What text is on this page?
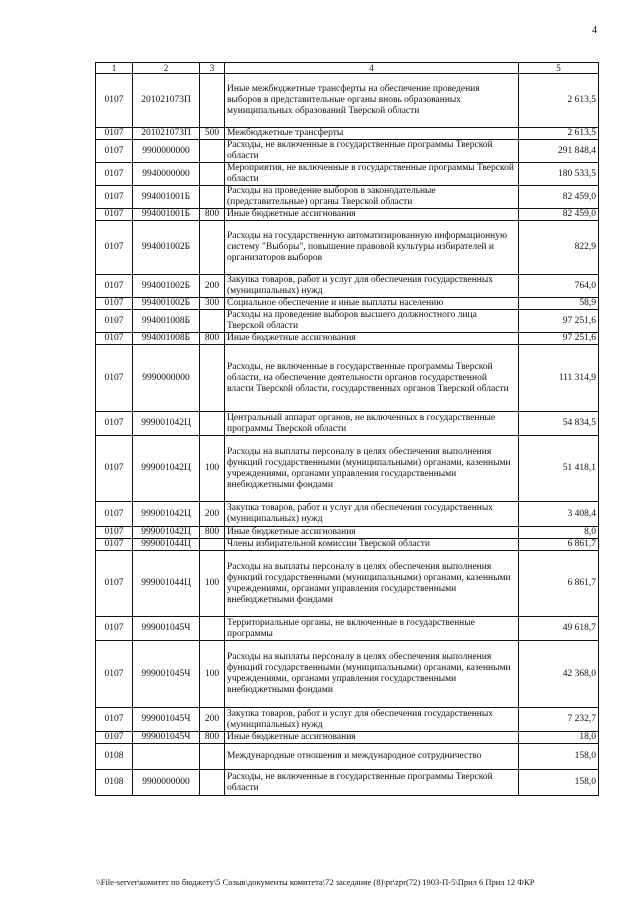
4
1	2	3	4	5
0107	201021073П		Иные межбюджетные трансферты на обеспечение проведения выборов в представительные органы вновь образованных муниципальных образований Тверской области	2 613,5
0107	201021073П	500	Межбюджетные трансферты	2 613,5
0107	9900000000		Расходы, не включенные в государственные программы Тверской области	291 848,4
0107	9940000000		Мероприятия, не включенные в государственные программы Тверской области	180 533,5
0107	994001001Б		Расходы на проведение выборов в законодательные (представительные) органы Тверской области	82 459,0
0107	994001001Б	800	Иные бюджетные ассигнования	82 459,0
0107	994001002Б		Расходы на государственную автоматизированную информационную систему "Выборы", повышение правовой культуры избирателей и организаторов выборов	822,9
0107	994001002Б	200	Закупка товаров, работ и услуг для обеспечения государственных (муниципальных) нужд	764,0
0107	994001002Б	300	Социальное обеспечение и иные выплаты населению	58,9
0107	994001008Б		Расходы на проведение выборов высшего должностного лица Тверской области	97 251,6
0107	994001008Б	800	Иные бюджетные ассигнования	97 251,6
0107	9990000000		Расходы, не включенные в государственные программы Тверской области, на обеспечение деятельности органов государственной власти Тверской области, государственных органов Тверской области	111 314,9
0107	999001042Ц		Центральный аппарат органов, не включенных в государственные программы Тверской области	54 834,5
0107	999001042Ц	100	Расходы на выплаты персоналу в целях обеспечения выполнения функций государственными (муниципальными) органами, казенными учреждениями, органами управления государственными внебюджетными фондами	51 418,1
0107	999001042Ц	200	Закупка товаров, работ и услуг для обеспечения государственных (муниципальных) нужд	3 408,4
0107	999001042Ц	800	Иные бюджетные ассигнования	8,0
0107	999001044Ц		Члены избирательной комиссии Тверской области	6 861,7
0107	999001044Ц	100	Расходы на выплаты персоналу в целях обеспечения выполнения функций государственными (муниципальными) органами, казенными учреждениями, органами управления государственными внебюджетными фондами	6 861,7
0107	999001045Ч		Территориальные органы, не включенные в государственные программы	49 618,7
0107	999001045Ч	100	Расходы на выплаты персоналу в целях обеспечения выполнения функций государственными (муниципальными) органами, казенными учреждениями, органами управления государственными внебюджетными фондами	42 368,0
0107	999001045Ч	200	Закупка товаров, работ и услуг для обеспечения государственных (муниципальных) нужд	7 232,7
0107	999001045Ч	800	Иные бюджетные ассигнования	18,0
0108			Международные отношения и международное сотрудничество	158,0
0108	9900000000		Расходы, не включенные в государственные программы Тверской области	158,0
\\File-server\комитет по бюджету\5 Созыв\документы комитета\72 заседание (8)\pr\zpr(72) 1903-П-5\Прил 6 Прил 12 ФКР
